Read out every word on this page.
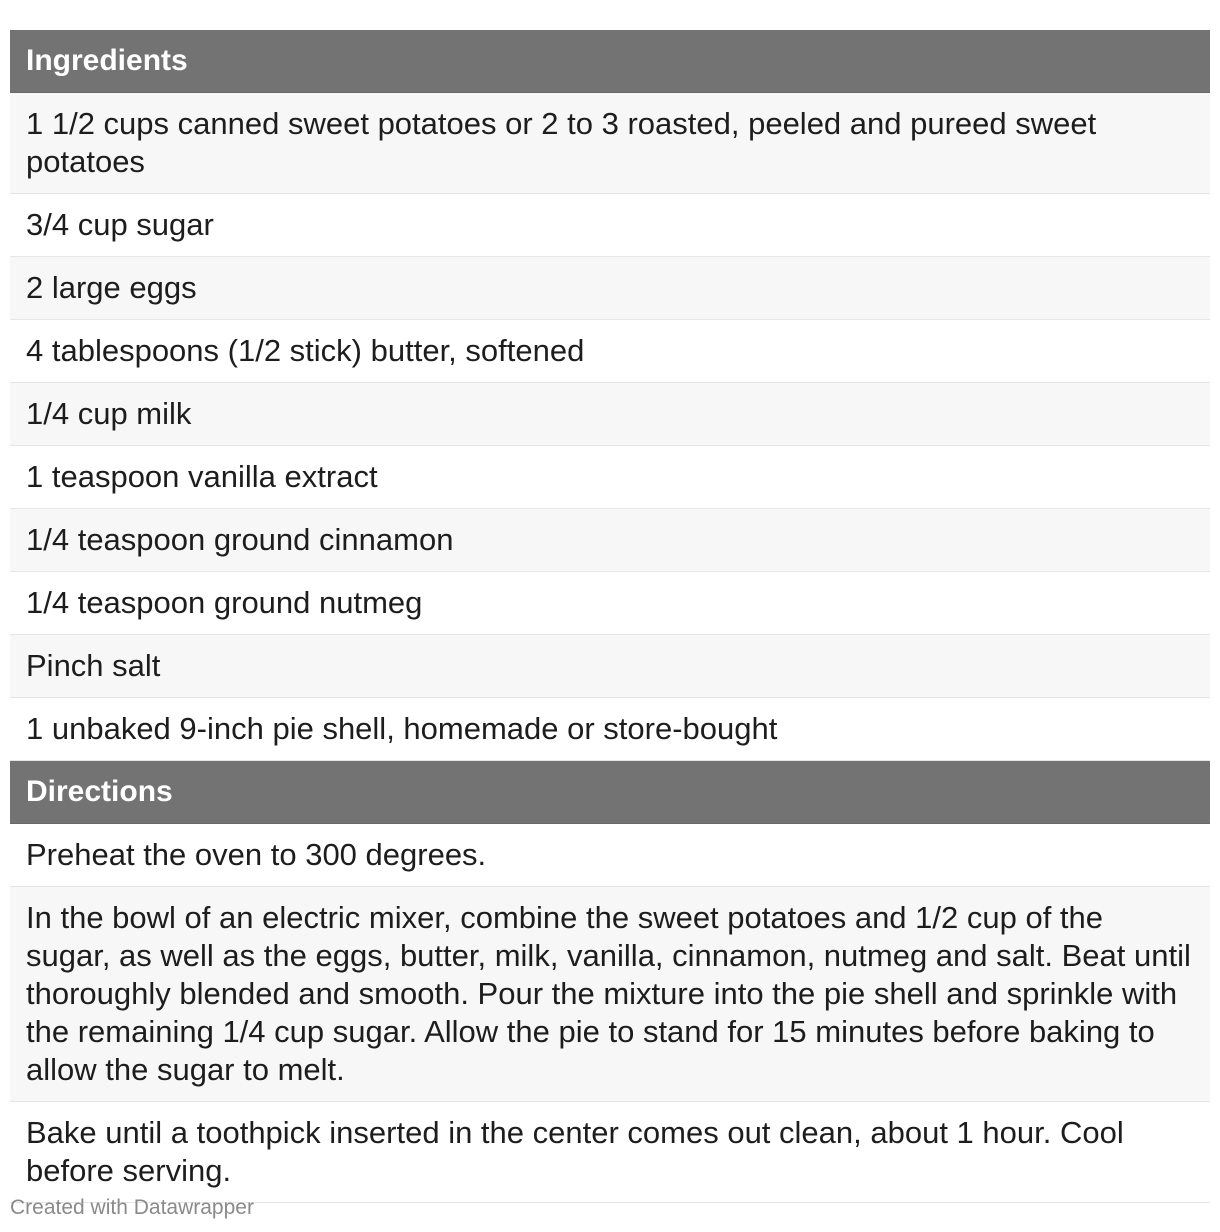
Ingredients
1 1/2 cups canned sweet potatoes or 2 to 3 roasted, peeled and pureed sweet potatoes
3/4 cup sugar
2 large eggs
4 tablespoons (1/2 stick) butter, softened
1/4 cup milk
1 teaspoon vanilla extract
1/4 teaspoon ground cinnamon
1/4 teaspoon ground nutmeg
Pinch salt
1 unbaked 9-inch pie shell, homemade or store-bought
Directions
Preheat the oven to 300 degrees.
In the bowl of an electric mixer, combine the sweet potatoes and 1/2 cup of the sugar, as well as the eggs, butter, milk, vanilla, cinnamon, nutmeg and salt. Beat until thoroughly blended and smooth. Pour the mixture into the pie shell and sprinkle with the remaining 1/4 cup sugar. Allow the pie to stand for 15 minutes before baking to allow the sugar to melt.
Bake until a toothpick inserted in the center comes out clean, about 1 hour. Cool before serving.
Created with Datawrapper
